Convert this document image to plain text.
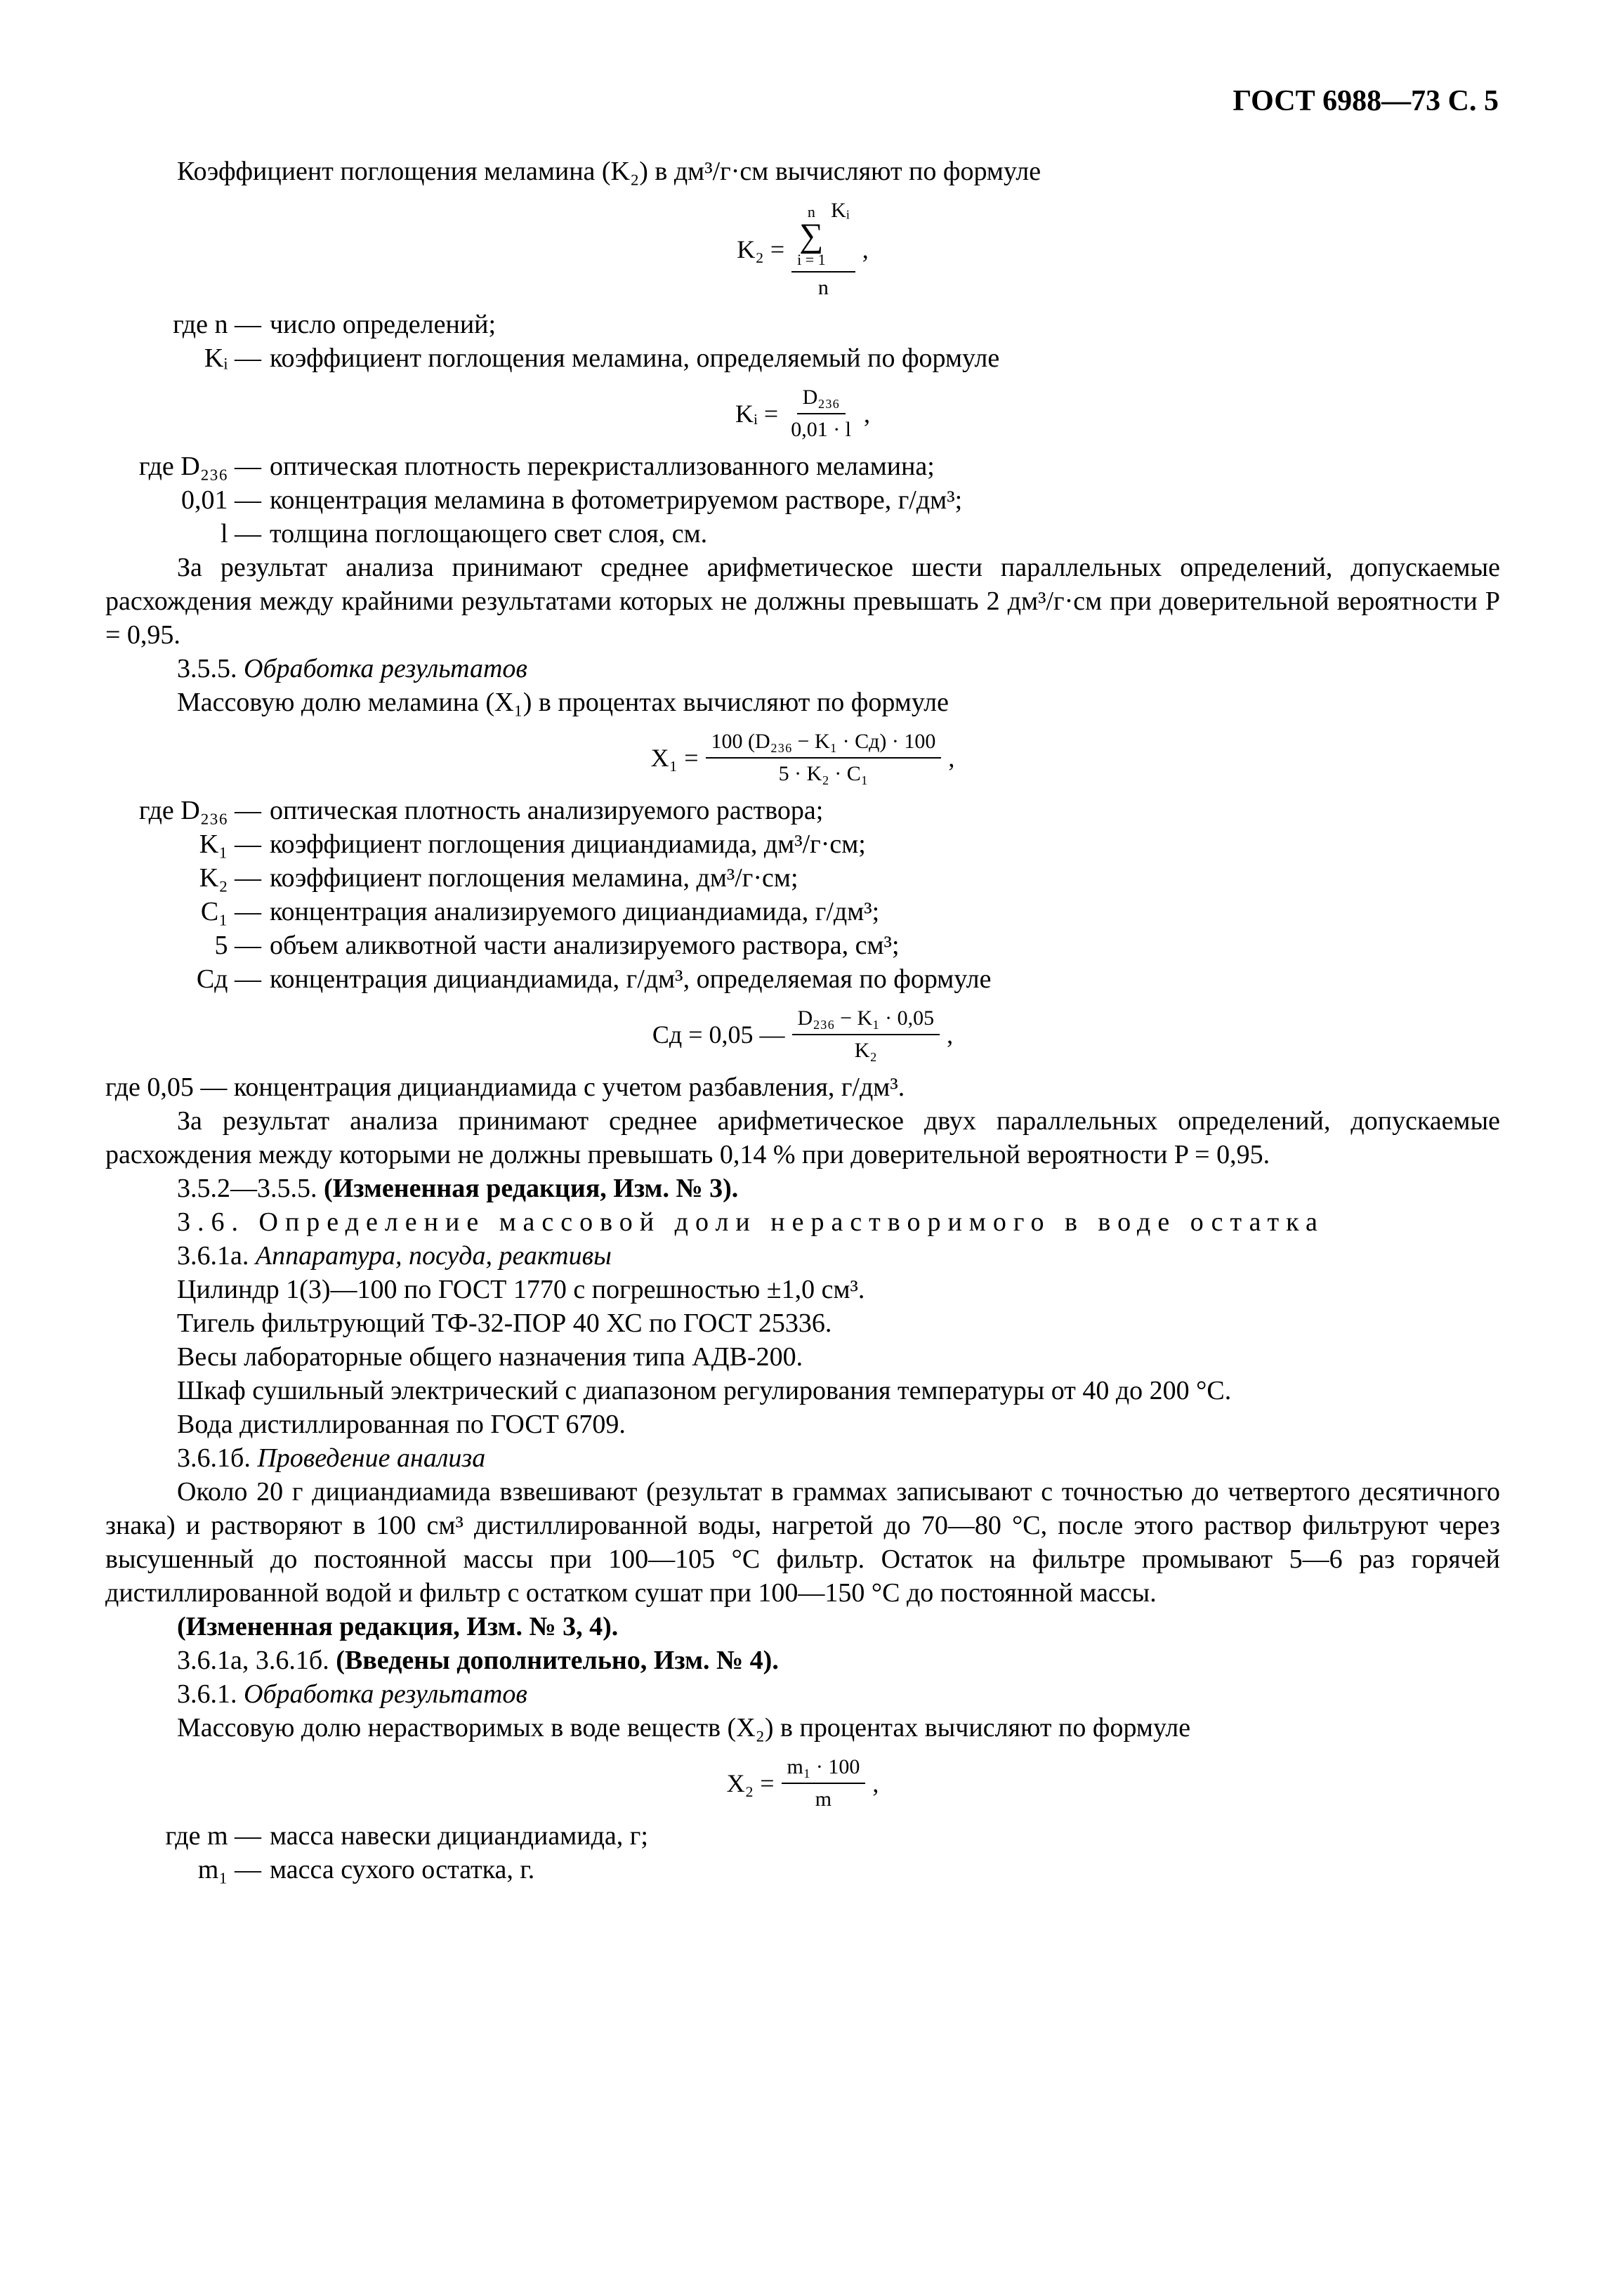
ГОСТ 6988—73 С. 5

Коэффициент поглощения меламина (K₂) в дм³/г·см вычисляют по формуле

K₂ = n
∑
i = 1
Kᵢ
n ,
где n — число определений;
Kᵢ — коэффициент поглощения меламина, определяемый по формуле
Kᵢ = $\frac{\text{D₂₃₆}}{0,01 \cdot l}$ ,
где D₂₃₆ — оптическая плотность перекристаллизованного меламина;
0,01 — концентрация меламина в фотометрируемом растворе, г/дм³;
l — толщина поглощающего свет слоя, см.

За результат анализа принимают среднее арифметическое шести параллельных определений, допускаемые расхождения между крайними результатами которых не должны превышать 2 дм³/г·см при доверительной вероятности P = 0,95.

3.5.5. Обработка результатов

Массовую долю меламина (X₁) в процентах вычисляют по формуле

$X_1 = \frac{\text{100 (D₂₃₆ − K₁ · Cд) · 100}}{\text{5 · K₂ · C₁}}$ ,
где D₂₃₆ — оптическая плотность анализируемого раствора;
K₁ — коэффициент поглощения дициандиамида, дм³/г·см;
K₂ — коэффициент поглощения меламина, дм³/г·см;
C₁ — концентрация анализируемого дициандиамида, г/дм³;
5 — объем аликвотной части анализируемого раствора, см³;
Cд — концентрация дициандиамида, г/дм³, определяемая по формуле
Cд = 0,05 — $\frac{\text{D₂₃₆ − K₁ · 0,05}}{\text{K₂}}$ ,

где 0,05 — концентрация дициандиамида с учетом разбавления, г/дм³.

За результат анализа принимают среднее арифметическое двух параллельных определений, допускаемые расхождения между которыми не должны превышать 0,14 % при доверительной вероятности P = 0,95.

3.5.2—3.5.5. (Измененная редакция, Изм. № 3).

3.6. Определение массовой доли нерастворимого в воде остатка

3.6.1а. Аппаратура, посуда, реактивы

Цилиндр 1(3)—100 по ГОСТ 1770 с погрешностью ±1,0 см³.

Тигель фильтрующий ТФ-32-ПОР 40 ХС по ГОСТ 25336.

Весы лабораторные общего назначения типа АДВ-200.

Шкаф сушильный электрический с диапазоном регулирования температуры от 40 до 200 °С.

Вода дистиллированная по ГОСТ 6709.

3.6.1б. Проведение анализа

Около 20 г дициандиамида взвешивают (результат в граммах записывают с точностью до четвертого десятичного знака) и растворяют в 100 см³ дистиллированной воды, нагретой до 70—80 °С, после этого раствор фильтруют через высушенный до постоянной массы при 100—105 °С фильтр. Остаток на фильтре промывают 5—6 раз горячей дистиллированной водой и фильтр с остатком сушат при 100—150 °С до постоянной массы.

(Измененная редакция, Изм. № 3, 4).

3.6.1а, 3.6.1б. (Введены дополнительно, Изм. № 4).

3.6.1. Обработка результатов

Массовую долю нерастворимых в воде веществ (X₂) в процентах вычисляют по формуле

$X_2 = \frac{\text{m₁ · 100}}{m}$ ,
где m — масса навески дициандиамида, г;
m₁ — масса сухого остатка, г.
